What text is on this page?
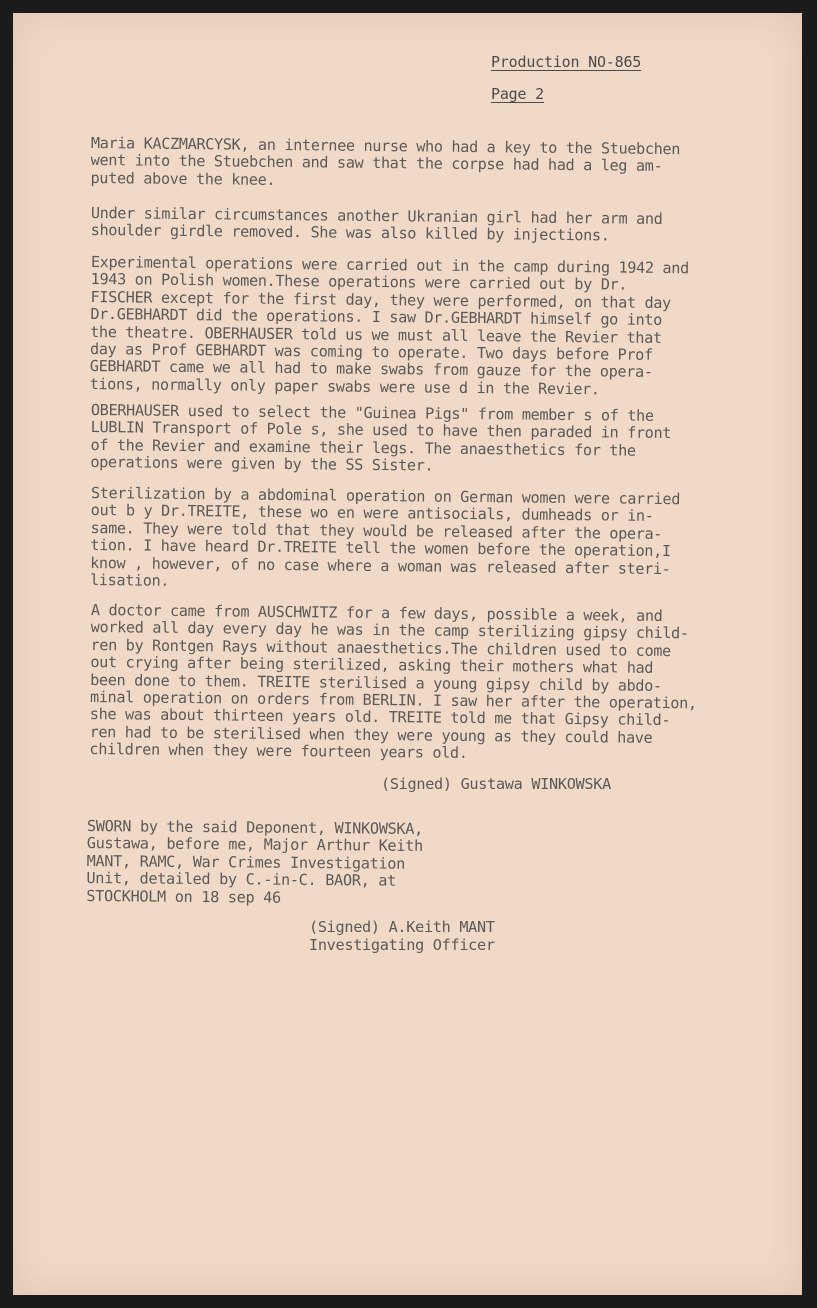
Production NO-865
Page 2

Maria KACZMARCYSK, an internee nurse who had a key to the Stuebchen
went into the Stuebchen and saw that the corpse had had a leg am-
puted above the knee.

Under similar circumstances another Ukranian girl had her arm and
shoulder girdle removed. She was also killed by injections.

Experimental operations were carried out in the camp during 1942 and
1943 on Polish women.These operations were carried out by Dr.
FISCHER except for the first day, they were performed, on that day
Dr.GEBHARDT did the operations. I saw Dr.GEBHARDT himself go into
the theatre. OBERHAUSER told us we must all leave the Revier that
day as Prof GEBHARDT was coming to operate. Two days before Prof
GEBHARDT came we all had to make swabs from gauze for the opera-
tions, normally only paper swabs were use d in the Revier.

OBERHAUSER used to select the "Guinea Pigs" from member s of the
LUBLIN Transport of Pole s, she used to have then paraded in front
of the Revier and examine their legs. The anaesthetics for the
operations were given by the SS Sister.

Sterilization by a abdominal operation on German women were carried
out b y Dr.TREITE, these wo en were antisocials, dumheads or in-
same. They were told that they would be released after the opera-
tion. I have heard Dr.TREITE tell the women before the operation,I
know , however, of no case where a woman was released after steri-
lisation.

A doctor came from AUSCHWITZ for a few days, possible a week, and
worked all day every day he was in the camp sterilizing gipsy child-
ren by Rontgen Rays without anaesthetics.The children used to come
out crying after being sterilized, asking their mothers what had
been done to them. TREITE sterilised a young gipsy child by abdo-
minal operation on orders from BERLIN. I saw her after the operation,
she was about thirteen years old. TREITE told me that Gipsy child-
ren had to be sterilised when they were young as they could have
children when they were fourteen years old.

(Signed) Gustawa WINKOWSKA

SWORN by the said Deponent, WINKOWSKA,
Gustawa, before me, Major Arthur Keith
MANT, RAMC, War Crimes Investigation
Unit, detailed by C.-in-C. BAOR, at
STOCKHOLM on 18 sep 46

(Signed) A.Keith MANT
Investigating Officer
